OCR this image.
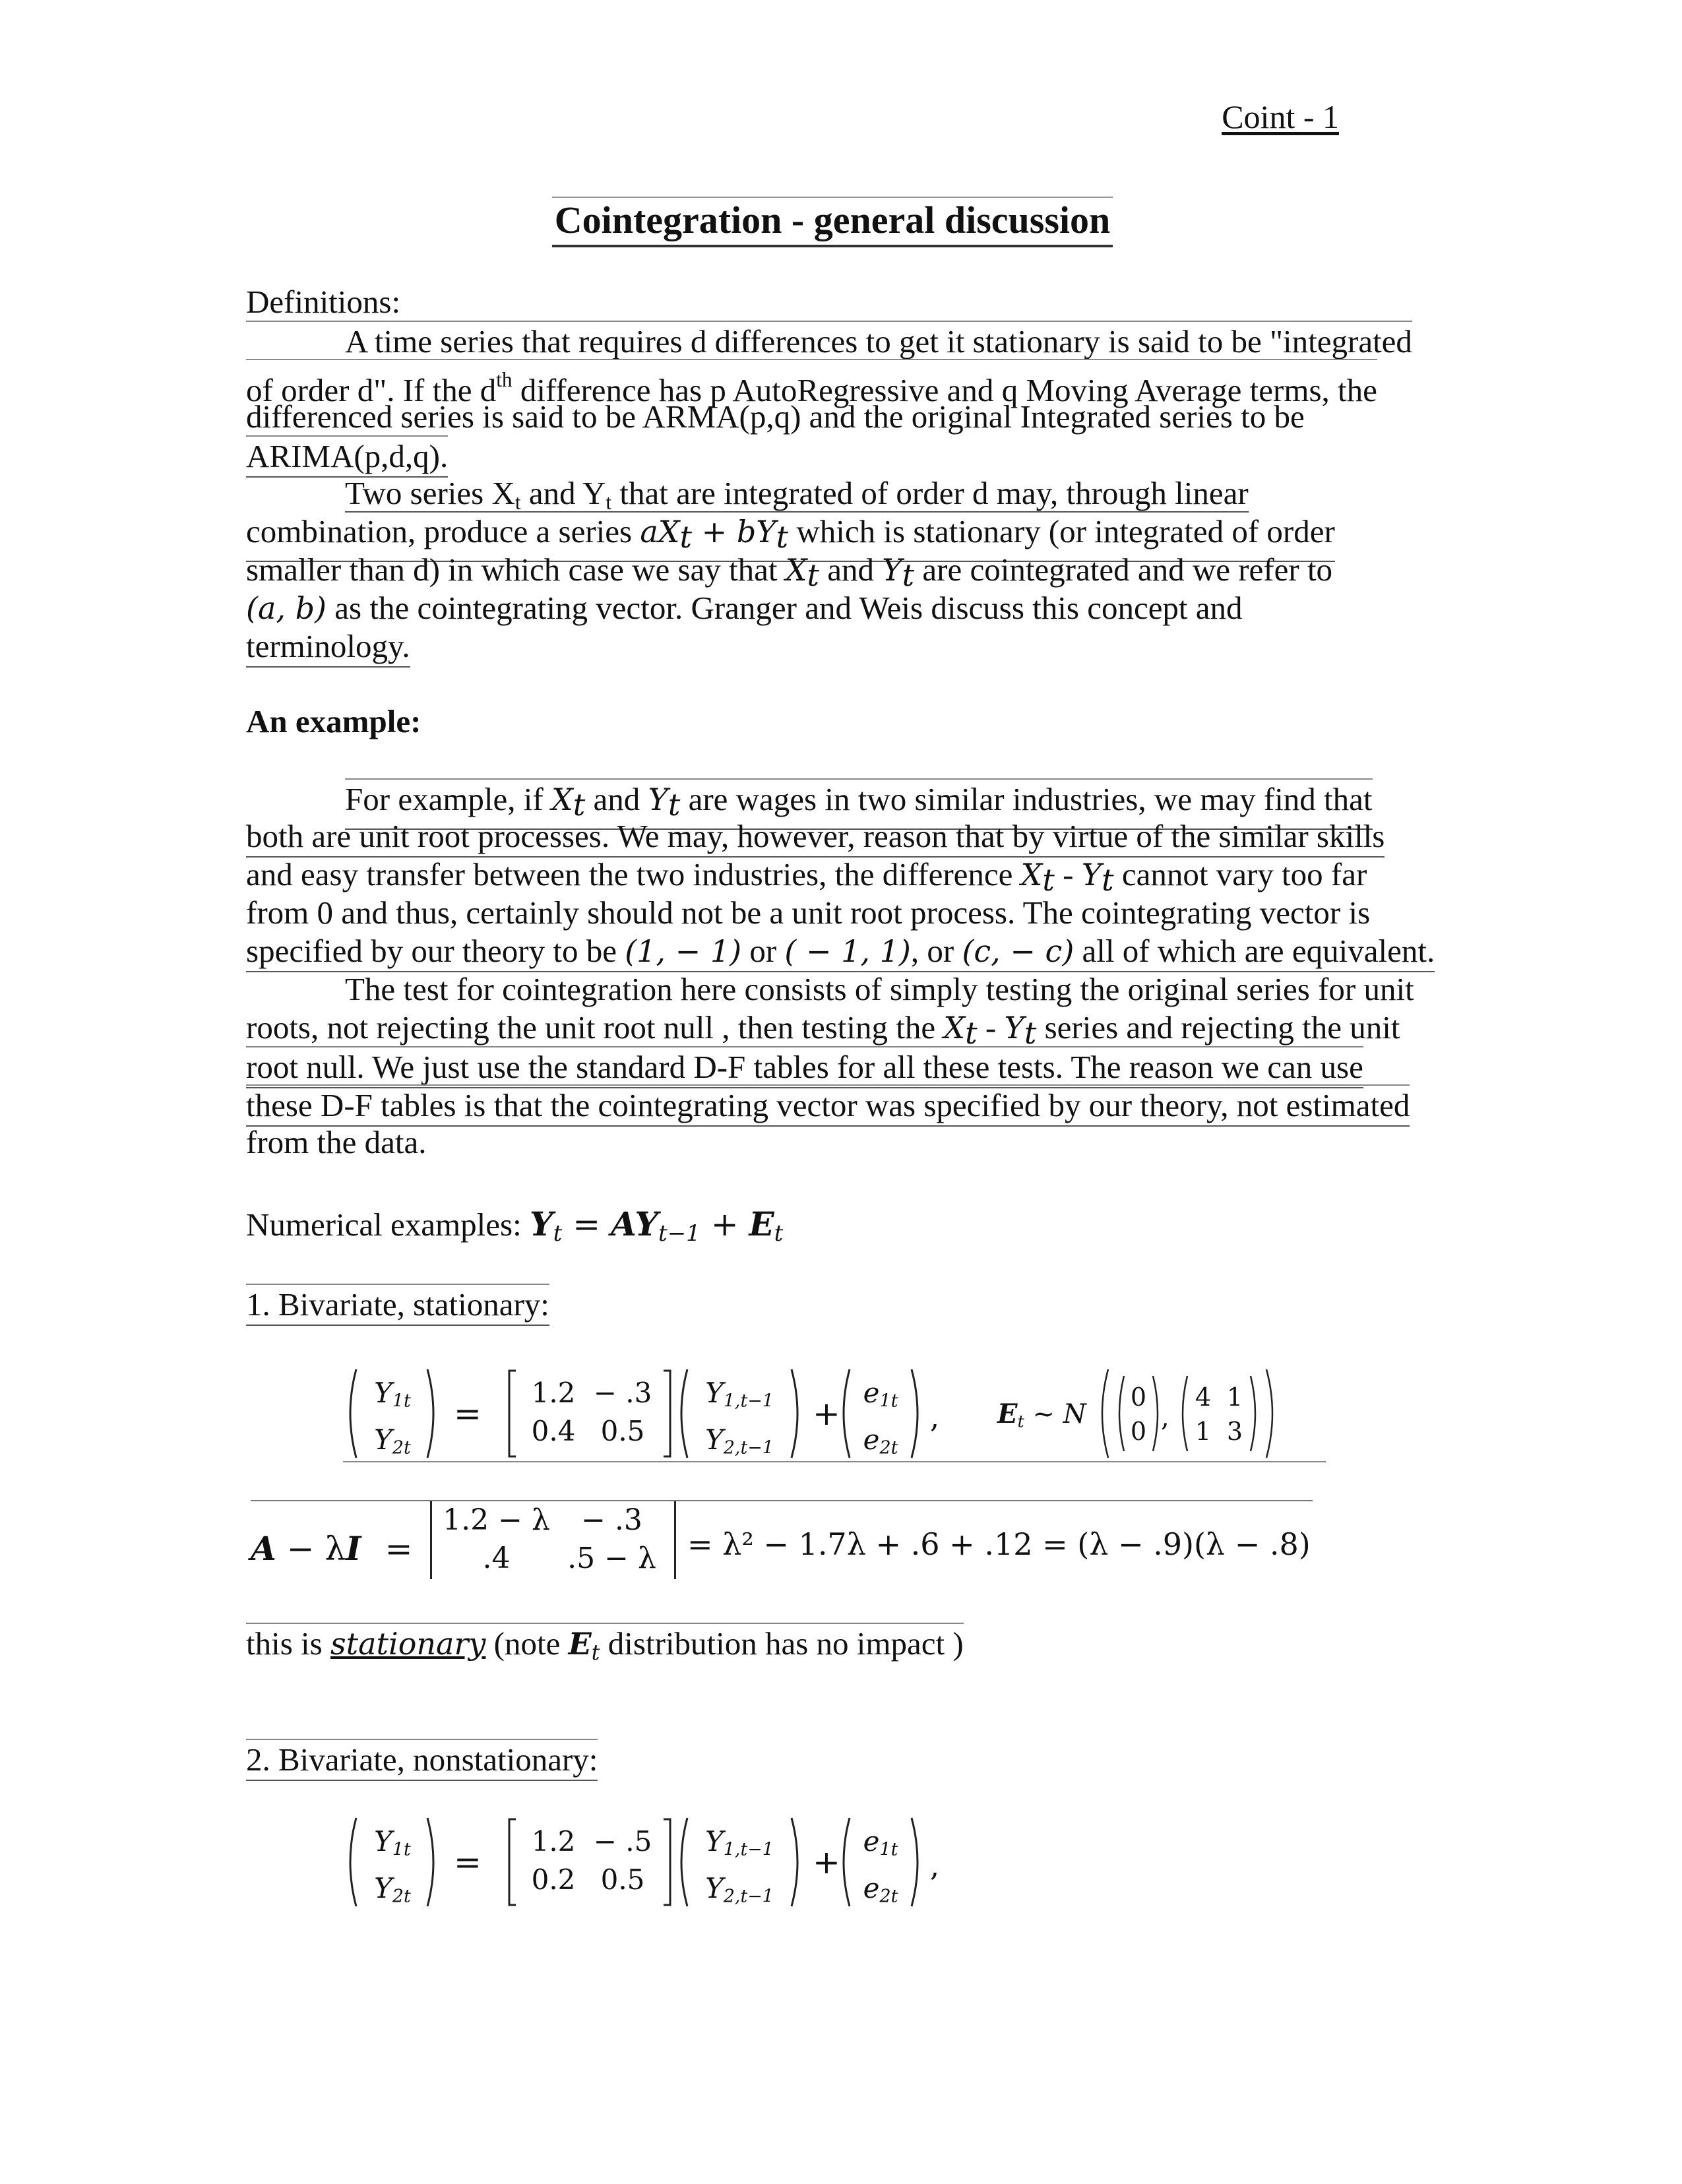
Coint - 1
Cointegration - general discussion
Definitions:
A time series that requires d differences to get it stationary is said to be "integrated
of order d". If the $d^{th}$ difference has p AutoRegressive and q Moving Average terms, the
differenced series is said to be ARMA(p,q) and the original Integrated series to be
ARIMA(p,d,q).
Two series $X_t$ and $Y_t$ that are integrated of order d may, through linear
combination, produce a series $aX_t + bY_t$ which is stationary (or integrated of order
smaller than d) in which case we say that $X_t$ and $Y_t$ are cointegrated and we refer to
(a, b) as the cointegrating vector. Granger and Weis discuss this concept and
terminology.
An example:
For example, if $X_t$ and $Y_t$ are wages in two similar industries, we may find that
both are unit root processes. We may, however, reason that by virtue of the similar skills
and easy transfer between the two industries, the difference $X_t - Y_t$ cannot vary too far
from 0 and thus, certainly should not be a unit root process. The cointegrating vector is
specified by our theory to be (1, − 1) or ( − 1, 1), or (c, − c) all of which are equivalent.
The test for cointegration here consists of simply testing the original series for unit
roots, not rejecting the unit root null , then testing the $X_t - Y_t$ series and rejecting the unit
root null. We just use the standard D-F tables for all these tests. The reason we can use
these D-F tables is that the cointegrating vector was specified by our theory, not estimated
from the data.
Numerical examples: $Y_t = AY_{t-1} + E_t$
1. Bivariate, stationary:
$Y_{1t}$
$Y_{2t}$
=
1.2 − .3
0.4 0.5
$Y_{1,t-1}$
$Y_{2,t-1}$
+
$e_{1t}$
$e_{2t}$
, $E_t$ ~ N
0
0 ,
4 1
1 3
A − λI =
1.2 − λ − .3
.4 .5 − λ	= λ² − 1.7λ + .6 + .12 = (λ − .9)(λ − .8)
this is stationary (note $E_t$ distribution has no impact )
2. Bivariate, nonstationary:
$Y_{1t}$
$Y_{2t}$
=
1.2 − .5
0.2 0.5
$Y_{1,t-1}$
$Y_{2,t-1}$
+
$e_{1t}$
$e_{2t}$
,
